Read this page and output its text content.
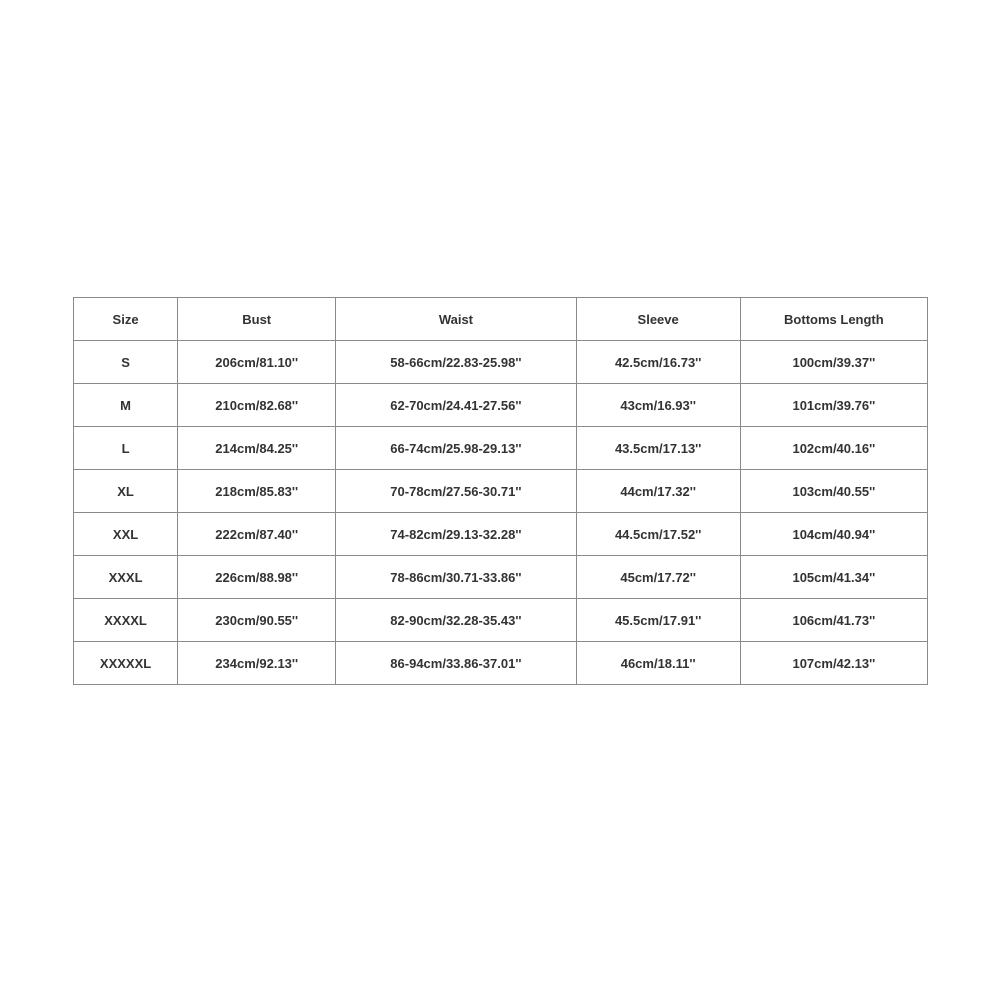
Size	Bust	Waist	Sleeve	Bottoms Length
S	206cm/81.10''	58-66cm/22.83-25.98''	42.5cm/16.73''	100cm/39.37''
M	210cm/82.68''	62-70cm/24.41-27.56''	43cm/16.93''	101cm/39.76''
L	214cm/84.25''	66-74cm/25.98-29.13''	43.5cm/17.13''	102cm/40.16''
XL	218cm/85.83''	70-78cm/27.56-30.71''	44cm/17.32''	103cm/40.55''
XXL	222cm/87.40''	74-82cm/29.13-32.28''	44.5cm/17.52''	104cm/40.94''
XXXL	226cm/88.98''	78-86cm/30.71-33.86''	45cm/17.72''	105cm/41.34''
XXXXL	230cm/90.55''	82-90cm/32.28-35.43''	45.5cm/17.91''	106cm/41.73''
XXXXXL	234cm/92.13''	86-94cm/33.86-37.01''	46cm/18.11''	107cm/42.13''
